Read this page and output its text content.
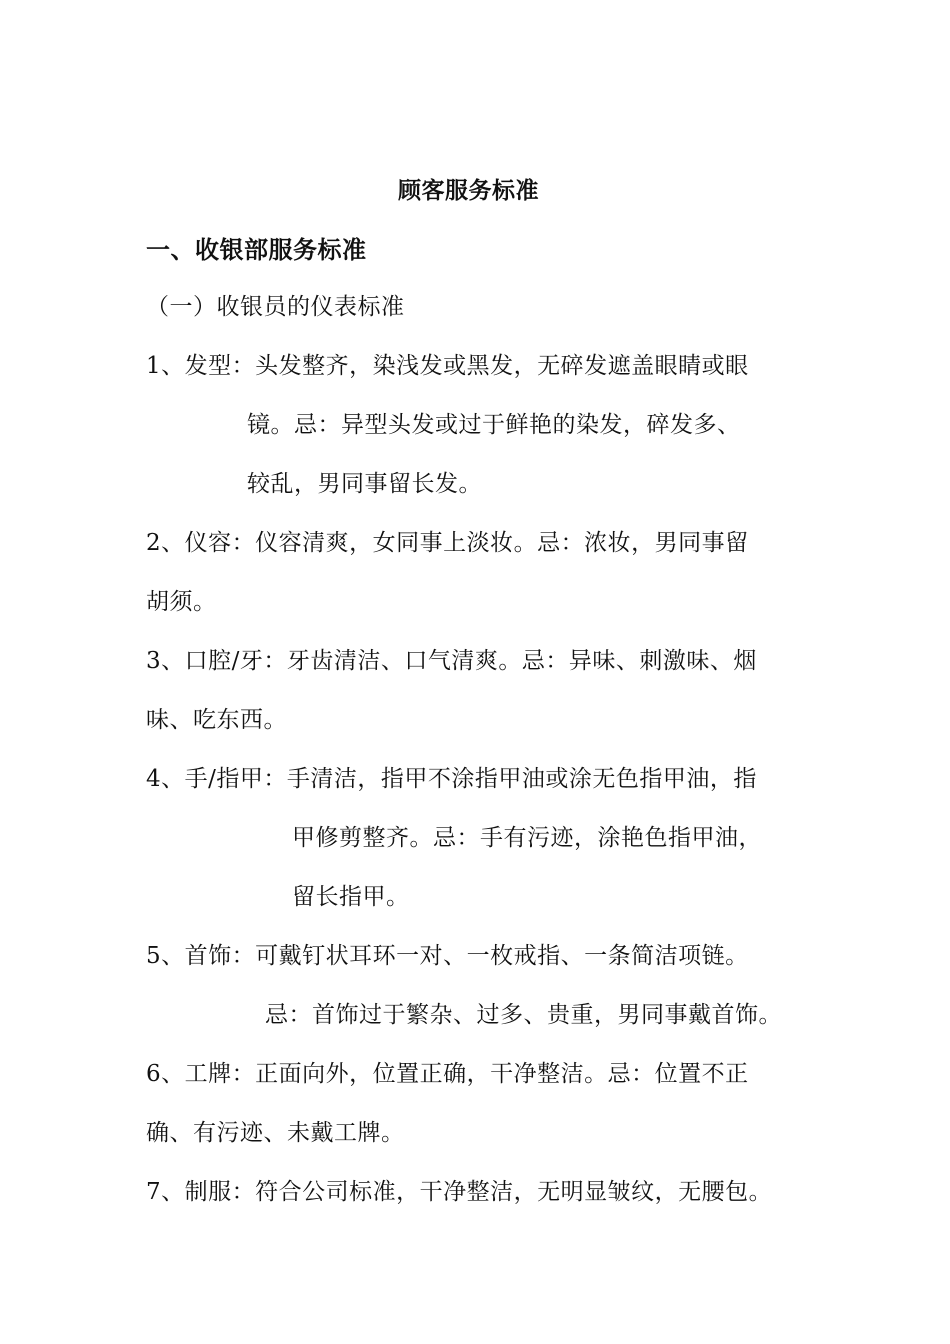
顾客服务标准
一、收银部服务标准
（一）收银员的仪表标准
1、发型：头发整齐，染浅发或黑发，无碎发遮盖眼睛或眼
镜。忌：异型头发或过于鲜艳的染发，碎发多、
较乱，男同事留长发。
2、仪容：仪容清爽，女同事上淡妆。忌：浓妆，男同事留
胡须。
3、口腔/牙：牙齿清洁、口气清爽。忌：异味、刺激味、烟
味、吃东西。
4、手/指甲：手清洁，指甲不涂指甲油或涂无色指甲油，指
甲修剪整齐。忌：手有污迹，涂艳色指甲油，
留长指甲。
5、首饰：可戴钉状耳环一对、一枚戒指、一条简洁项链。
忌：首饰过于繁杂、过多、贵重，男同事戴首饰。
6、工牌：正面向外，位置正确，干净整洁。忌：位置不正
确、有污迹、未戴工牌。
7、制服：符合公司标准，干净整洁，无明显皱纹，无腰包。
